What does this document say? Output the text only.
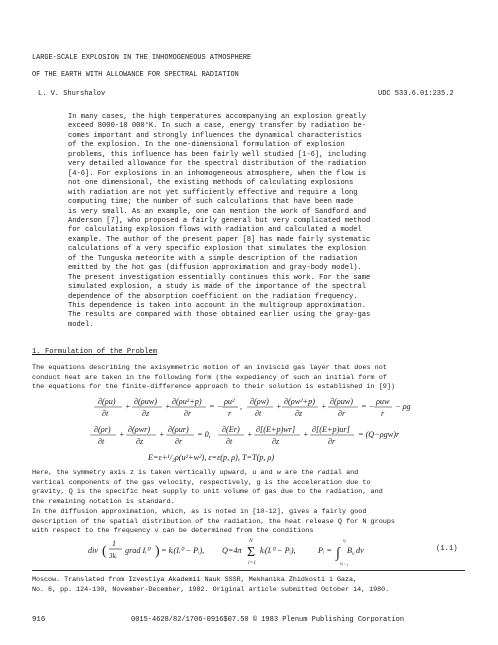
LARGE-SCALE EXPLOSION IN THE INHOMOGENEOUS ATMOSPHERE
OF THE EARTH WITH ALLOWANCE FOR SPECTRAL RADIATION
L. V. Shurshalov	UDC 533.6.01:235.2
In many cases, the high temperatures accompanying an explosion greatly
exceed 8000-10 000°K. In such a case, energy transfer by radiation be-
comes important and strongly influences the dynamical characteristics
of the explosion. In the one-dimensional formulation of explosion
problems, this influence has been fairly well studied [1-6], including
very detailed allowance for the spectral distribution of the radiation
[4-6]. For explosions in an inhomogeneous atmosphere, when the flow is
not one dimensional, the existing methods of calculating explosions
with radiation are not yet sufficiently effective and require a long
computing time; the number of such calculations that have been made
is very small. As an example, one can mention the work of Sandford and
Anderson [7], who proposed a fairly general but very complicated method
for calculating explosion flows with radiation and calculated a model
example. The author of the present paper [8] has made fairly systematic
calculations of a very specific explosion that simulates the explosion
of the Tunguska meteorite with a simple description of the radiation
emitted by the hot gas (diffusion approximation and gray-body model).
The present investigation essentially continues this work. For the same
simulated explosion, a study is made of the importance of the spectral
dependence of the absorption coefficient on the radiation frequency.
This dependence is taken into account in the multigroup approximation.
The results are compared with those obtained earlier using the gray-gas
model.
1. Formulation of the Problem
The equations describing the axisymmetric motion of an inviscid gas layer that does not
conduct heat are taken in the following form (the expediency of such an initial form of
the equations for the finite-difference approach to their solution is established in [9])
∂(ρu)
∂t
+
∂(ρuw)
∂z
+
∂(ρu²+p)
∂r
= −
ρu²
r
,
∂(ρw)
∂t
+
∂(ρw²+p)
∂z
+
∂(ρuw)
∂r
= −
ρuw
r
− ρg
∂(ρr)
∂t
+
∂(ρwr)
∂z
+
∂(ρur)
∂r
= 0,
∂(Er)
∂t
+
∂[(E+p)wr]
∂z
+
∂[(E+p)ur]
∂r
= (Q−ρgw)r
E=ε+¹/₂ρ(u²+w²), ε=ε(p, ρ), T=T(p, ρ)
Here, the symmetry axis z is taken vertically upward, u and w are the radial and
vertical components of the gas velocity, respectively, g is the acceleration due to
gravity, Q is the specific heat supply to unit volume of gas due to the radiation, and
the remaining notation is standard.
In the diffusion approximation, which, as is noted in [10-12], gives a fairly good
description of the spatial distribution of the radiation, the heat release Q for N groups
with respect to the frequency ν can be determined from the conditions
div (
1
3kᵢ
grad Iᵢ⁰ ) = kᵢ(Iᵢ⁰ − Pᵢ), Q=4π Σ
N
i=1
kᵢ(Iᵢ⁰ − Pᵢ),	Pᵢ = ∫
νᵢ
νᵢ₋₁
B ν dν	(1.1)
Moscow. Translated from Izvestiya Akademii Nauk SSSR, Mekhanika Zhidkosti i Gaza,
No. 6, pp. 124-130, November-December, 1982. Original article submitted October 14, 1980.
916	0015-4628/82/1706-0916$07.50 © 1983 Plenum Publishing Corporation
